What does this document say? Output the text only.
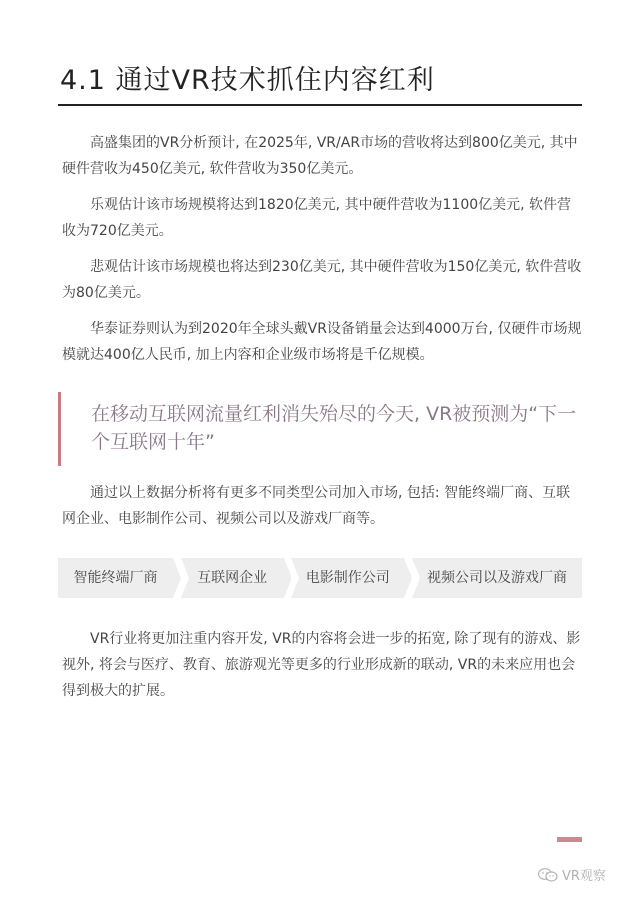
4.1 通过VR技术抓住内容红利

高盛集团的VR分析预计, 在2025年, VR/AR市场的营收将达到800亿美元, 其中硬件营收为450亿美元, 软件营收为350亿美元。

乐观估计该市场规模将达到1820亿美元, 其中硬件营收为1100亿美元, 软件营收为720亿美元。

悲观估计该市场规模也将达到230亿美元, 其中硬件营收为150亿美元, 软件营收为80亿美元。

华泰证券则认为到2020年全球头戴VR设备销量会达到4000万台, 仅硬件市场规模就达400亿人民币, 加上内容和企业级市场将是千亿规模。

在移动互联网流量红利消失殆尽的今天, VR被预测为“下一个互联网十年”

通过以上数据分析将有更多不同类型公司加入市场, 包括: 智能终端厂商、互联网企业、电影制作公司、视频公司以及游戏厂商等。

智能终端厂商	互联网企业	电影制作公司	视频公司以及游戏厂商

VR行业将更加注重内容开发, VR的内容将会进一步的拓宽, 除了现有的游戏、影视外, 将会与医疗、教育、旅游观光等更多的行业形成新的联动, VR的未来应用也会得到极大的扩展。

VR观察
